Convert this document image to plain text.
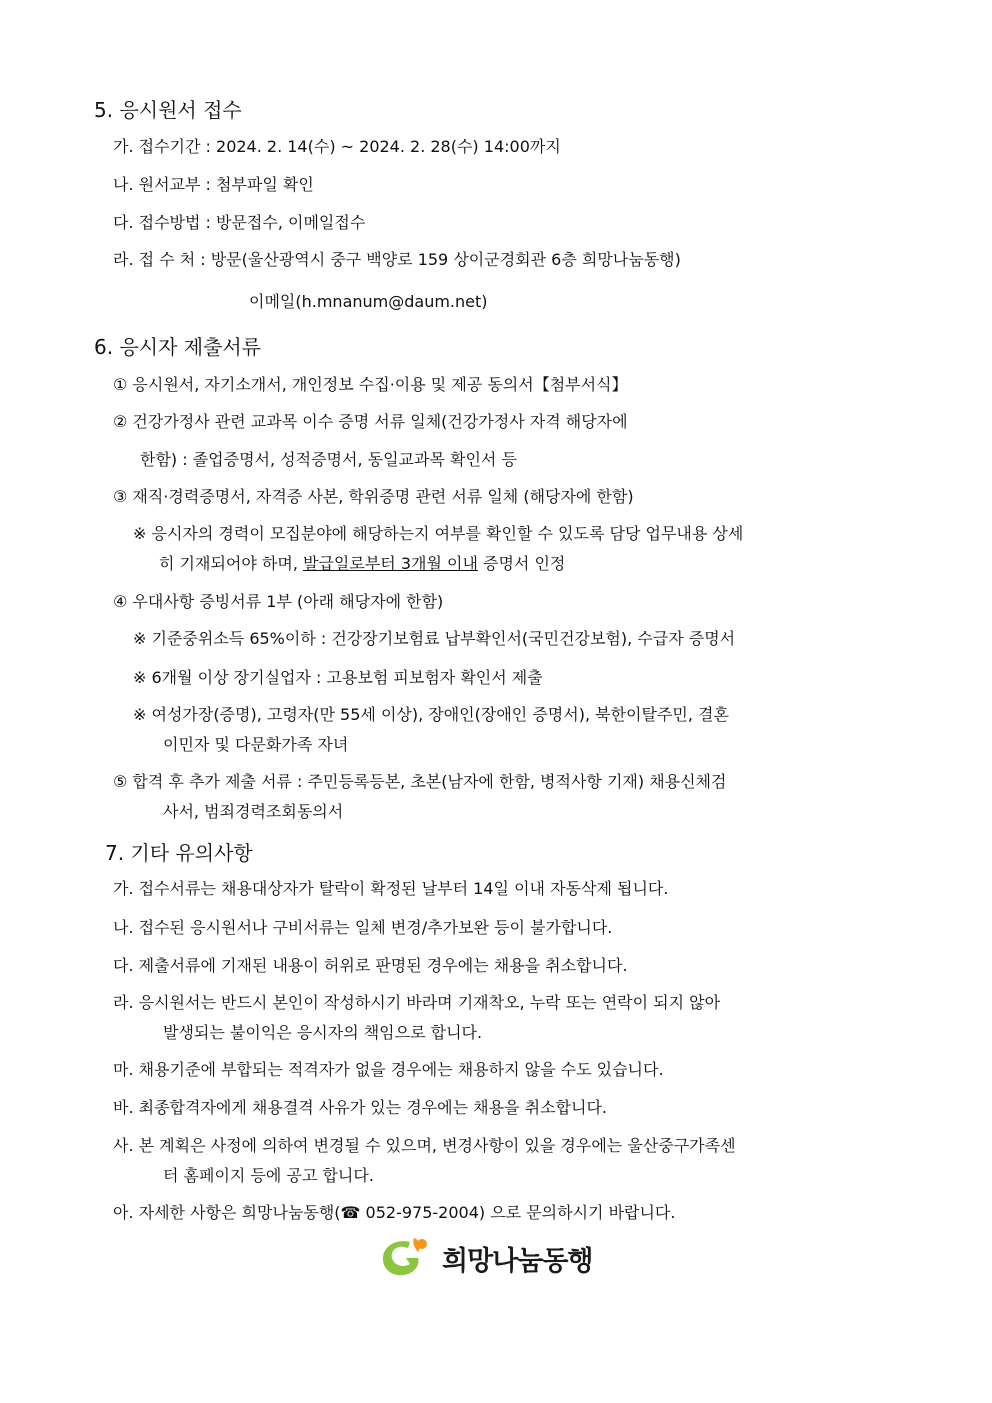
5. 응시원서 접수
가. 접수기간 : 2024. 2. 14(수) ~ 2024. 2. 28(수) 14:00까지
나. 원서교부 : 첨부파일 확인
다. 접수방법 : 방문접수, 이메일접수
라. 접 수 처 : 방문(울산광역시 중구 백양로 159 상이군경회관 6층 희망나눔동행)
이메일(h.mnanum@daum.net)
6. 응시자 제출서류
① 응시원서, 자기소개서, 개인정보 수집·이용 및 제공 동의서【첨부서식】
② 건강가정사 관련 교과목 이수 증명 서류 일체(건강가정사 자격 해당자에
한함) : 졸업증명서, 성적증명서, 동일교과목 확인서 등
③ 재직·경력증명서, 자격증 사본, 학위증명 관련 서류 일체 (해당자에 한함)
※ 응시자의 경력이 모집분야에 해당하는지 여부를 확인할 수 있도록 담당 업무내용 상세
히 기재되어야 하며, 발급일로부터 3개월 이내 증명서 인정
④ 우대사항 증빙서류 1부 (아래 해당자에 한함)
※ 기준중위소득 65%이하 : 건강장기보험료 납부확인서(국민건강보험), 수급자 증명서
※ 6개월 이상 장기실업자 : 고용보험 피보험자 확인서 제출
※ 여성가장(증명), 고령자(만 55세 이상), 장애인(장애인 증명서), 북한이탈주민, 결혼
이민자 및 다문화가족 자녀
⑤ 합격 후 추가 제출 서류 : 주민등록등본, 초본(남자에 한함, 병적사항 기재) 채용신체검
사서, 범죄경력조회동의서
7. 기타 유의사항
가. 접수서류는 채용대상자가 탈락이 확정된 날부터 14일 이내 자동삭제 됩니다.
나. 접수된 응시원서나 구비서류는 일체 변경/추가보완 등이 불가합니다.
다. 제출서류에 기재된 내용이 허위로 판명된 경우에는 채용을 취소합니다.
라. 응시원서는 반드시 본인이 작성하시기 바라며 기재착오, 누락 또는 연락이 되지 않아
발생되는 불이익은 응시자의 책임으로 합니다.
마. 채용기준에 부합되는 적격자가 없을 경우에는 채용하지 않을 수도 있습니다.
바. 최종합격자에게 채용결격 사유가 있는 경우에는 채용을 취소합니다.
사. 본 계획은 사정에 의하여 변경될 수 있으며, 변경사항이 있을 경우에는 울산중구가족센
터 홈페이지 등에 공고 합니다.
아. 자세한 사항은 희망나눔동행(☎ 052-975-2004) 으로 문의하시기 바랍니다.
희망나눔동행
